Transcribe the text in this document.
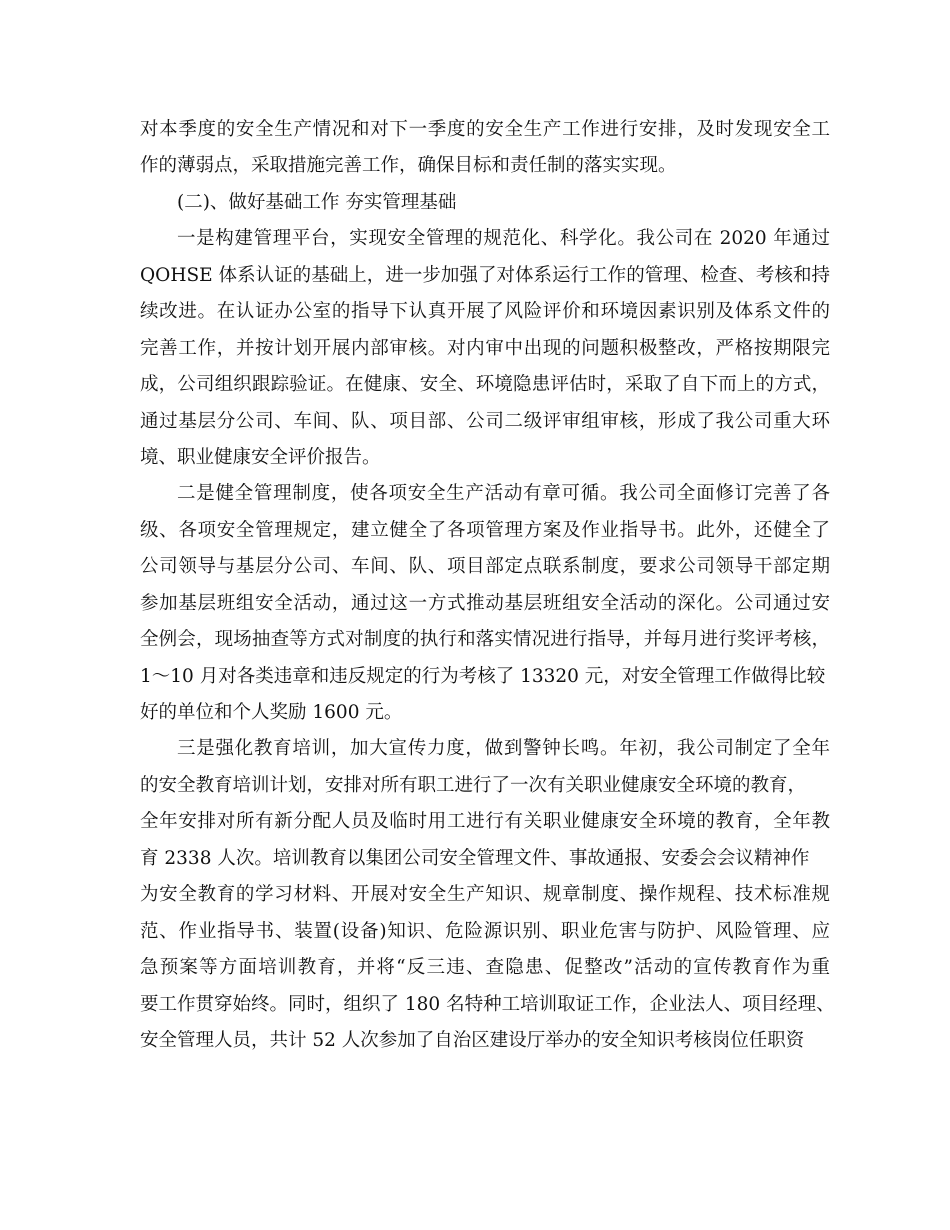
对本季度的安全生产情况和对下一季度的安全生产工作进行安排，及时发现安全工
作的薄弱点，采取措施完善工作，确保目标和责任制的落实实现。
(二)、做好基础工作 夯实管理基础
一是构建管理平台，实现安全管理的规范化、科学化。我公司在 2020 年通过
QOHSE 体系认证的基础上，进一步加强了对体系运行工作的管理、检查、考核和持
续改进。在认证办公室的指导下认真开展了风险评价和环境因素识别及体系文件的
完善工作，并按计划开展内部审核。对内审中出现的问题积极整改，严格按期限完
成，公司组织跟踪验证。在健康、安全、环境隐患评估时，采取了自下而上的方式，
通过基层分公司、车间、队、项目部、公司二级评审组审核，形成了我公司重大环
境、职业健康安全评价报告。
二是健全管理制度，使各项安全生产活动有章可循。我公司全面修订完善了各
级、各项安全管理规定，建立健全了各项管理方案及作业指导书。此外，还健全了
公司领导与基层分公司、车间、队、项目部定点联系制度，要求公司领导干部定期
参加基层班组安全活动，通过这一方式推动基层班组安全活动的深化。公司通过安
全例会，现场抽查等方式对制度的执行和落实情况进行指导，并每月进行奖评考核，
1～10 月对各类违章和违反规定的行为考核了 13320 元，对安全管理工作做得比较
好的单位和个人奖励 1600 元。
三是强化教育培训，加大宣传力度，做到警钟长鸣。年初，我公司制定了全年
的安全教育培训计划，安排对所有职工进行了一次有关职业健康安全环境的教育，
全年安排对所有新分配人员及临时用工进行有关职业健康安全环境的教育，全年教
育 2338 人次。培训教育以集团公司安全管理文件、事故通报、安委会会议精神作
为安全教育的学习材料、开展对安全生产知识、规章制度、操作规程、技术标准规
范、作业指导书、装置(设备)知识、危险源识别、职业危害与防护、风险管理、应
急预案等方面培训教育，并将“反三违、查隐患、促整改”活动的宣传教育作为重
要工作贯穿始终。同时，组织了 180 名特种工培训取证工作，企业法人、项目经理、
安全管理人员，共计 52 人次参加了自治区建设厅举办的安全知识考核岗位任职资
